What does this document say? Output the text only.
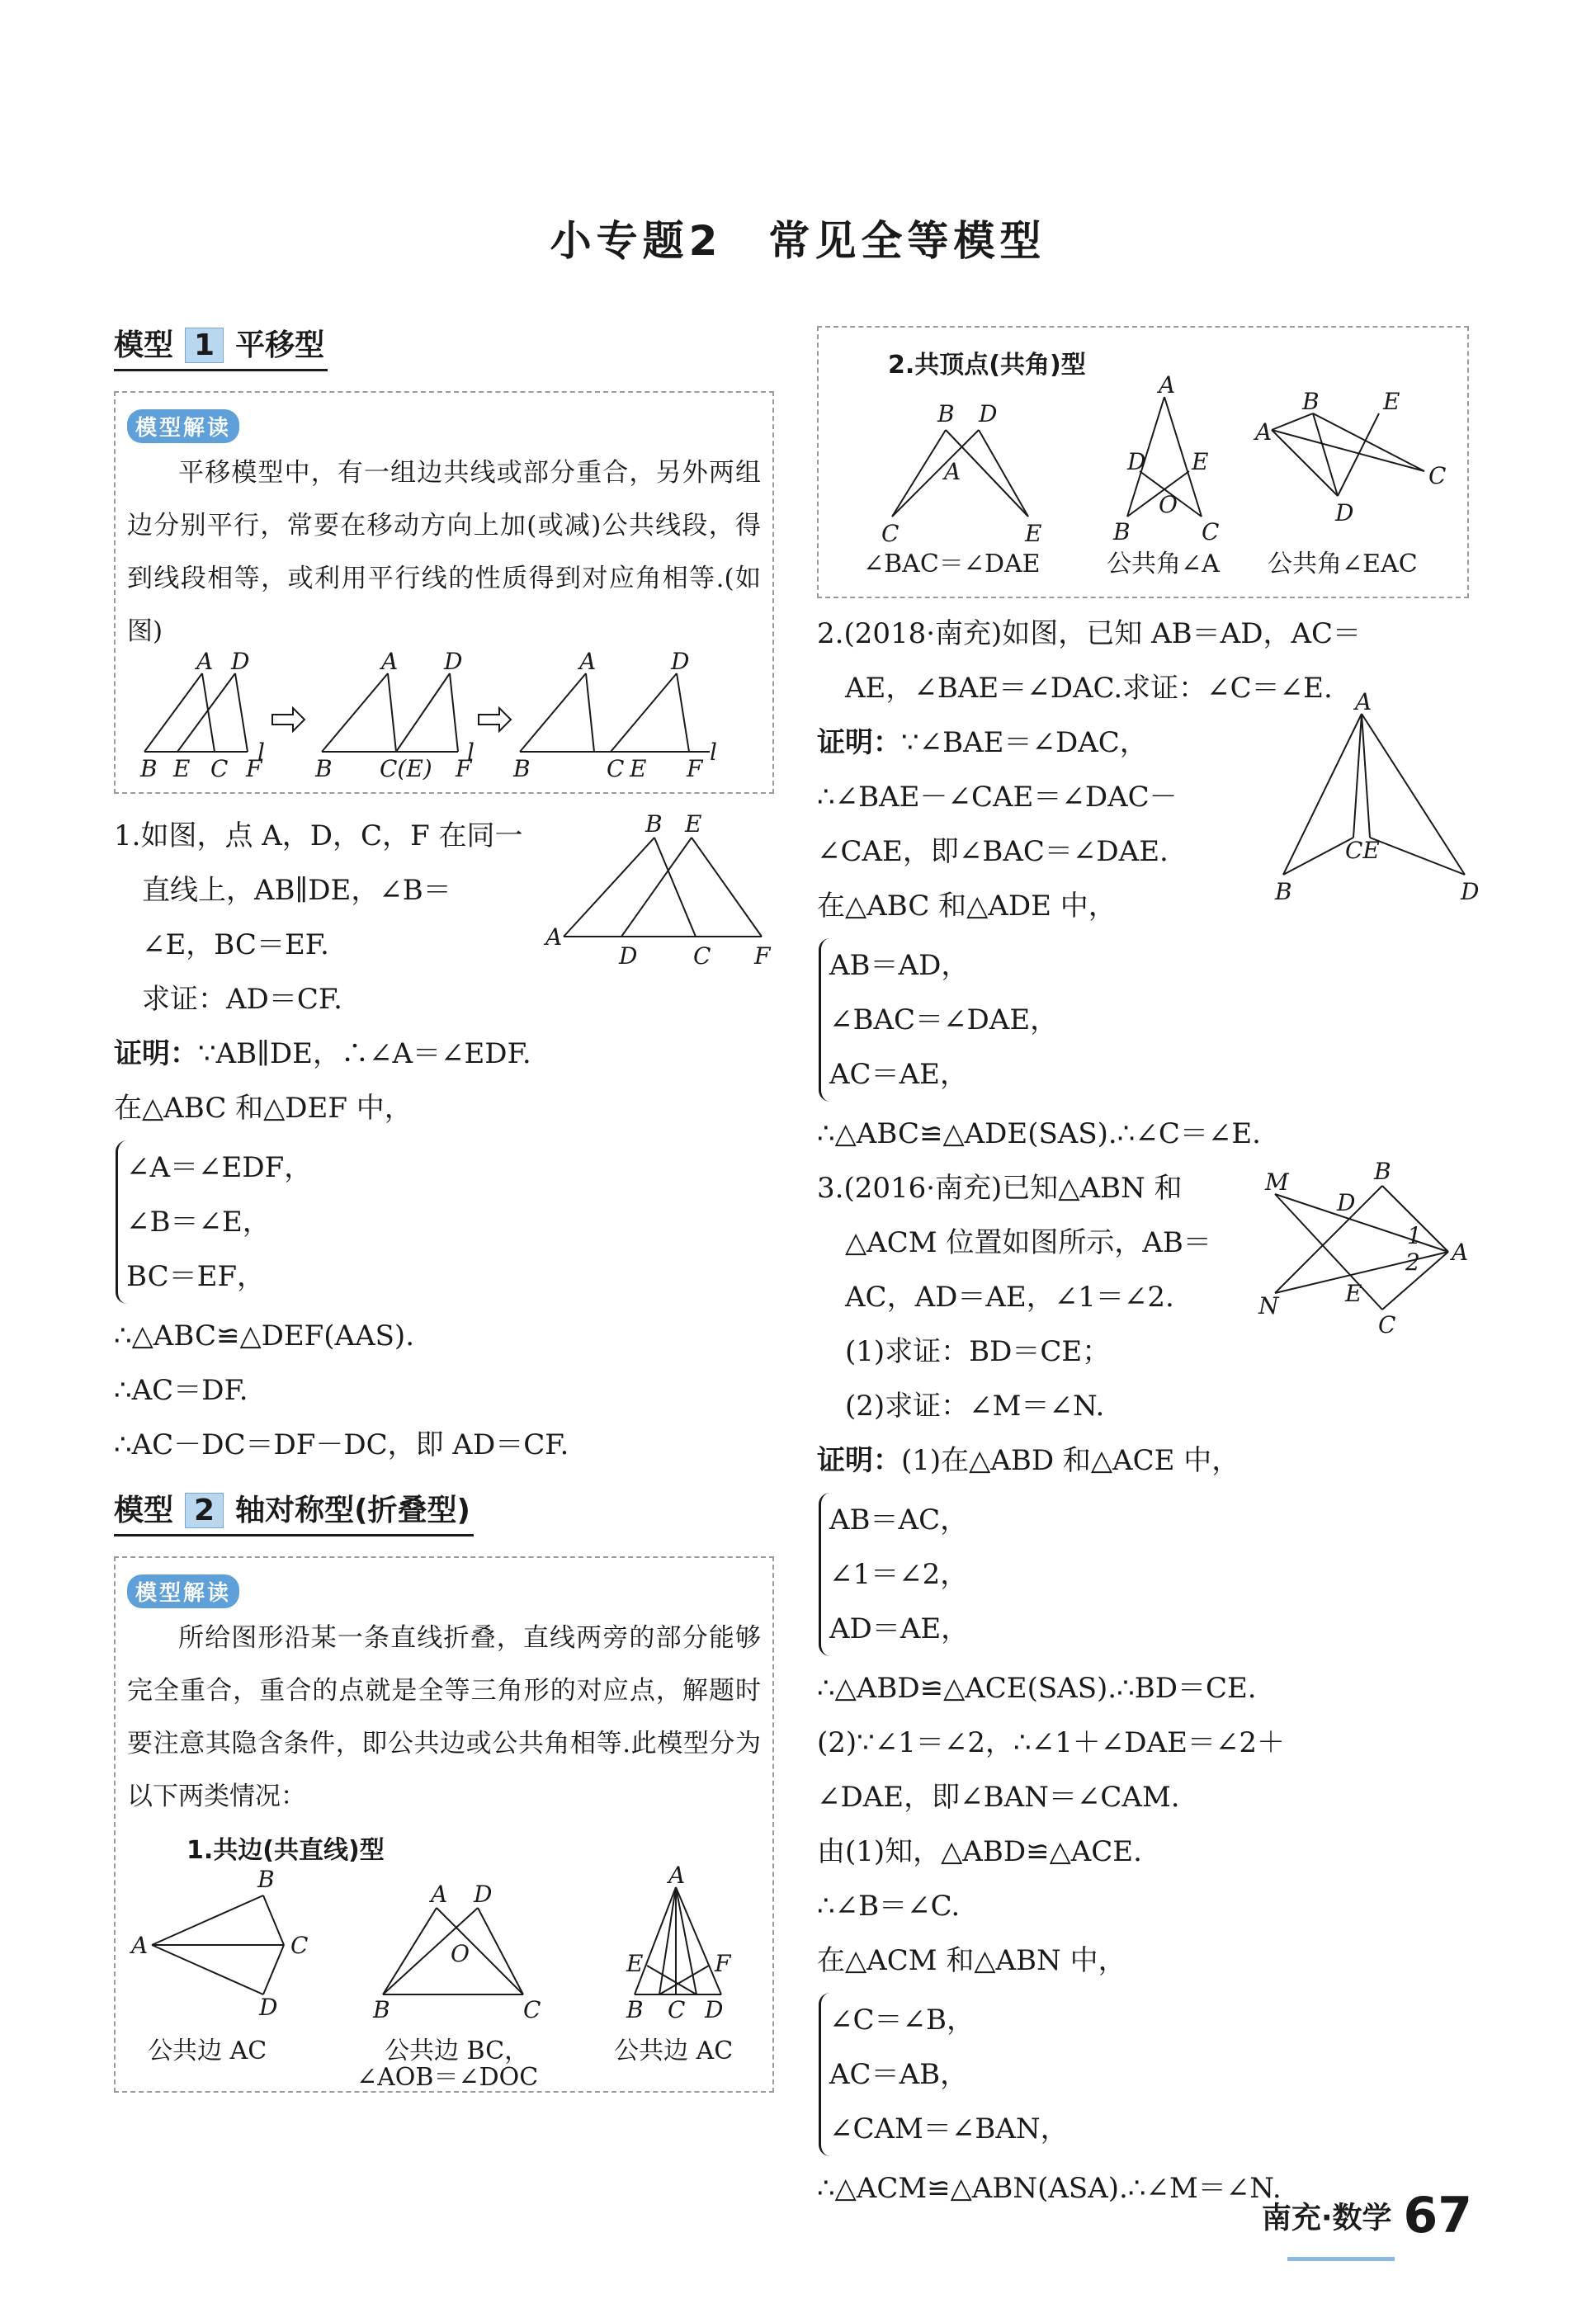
小专题2　常见全等模型
模型 1 平移型
模型解读

平移模型中，有一组边共线或部分重合，另外两组边分别平行，常要在移动方向上加(或减)公共线段，得到线段相等，或利用平行线的性质得到对应角相等.(如图)

A D
B E C F
l
A D
B C(E) F
l
A	D
B	C E F
l
1.如图，点 A，D，C，F 在同一
直线上，AB∥DE，∠B＝
∠E，BC＝EF.
求证：AD＝CF.
A
B E
D C F
证明：∵AB∥DE，∴∠A＝∠EDF.
在△ABC 和△DEF 中，
∠A＝∠EDF，
∠B＝∠E，
BC＝EF，
∴△ABC≌△DEF(AAS).
∴AC＝DF.
∴AC－DC＝DF－DC，即 AD＝CF.
模型 2 轴对称型(折叠型)
模型解读

所给图形沿某一条直线折叠，直线两旁的部分能够完全重合，重合的点就是全等三角形的对应点，解题时要注意其隐含条件，即公共边或公共角相等.此模型分为以下两类情况：

1.共边(共直线)型
A
B
C
D
A D
O
B	C
A
E	F
B C D
公共边 AC	公共边 BC，
∠AOB＝∠DOC
公共边 AC
2.共顶点(共角)型
B D
A
C	E
A
D E
O
B	C
B	E
A
C
D
∠BAC＝∠DAE	公共角∠A 公共角∠EAC
2.(2018·南充)如图，已知 AB＝AD，AC＝
AE，∠BAE＝∠DAC.求证：∠C＝∠E. A
CE
B	D
证明：∵∠BAE＝∠DAC，
∴∠BAE－∠CAE＝∠DAC－
∠CAE，即∠BAC＝∠DAE.
在△ABC 和△ADE 中，
AB＝AD，
∠BAC＝∠DAE，
AC＝AE，
∴△ABC≌△ADE(SAS).∴∠C＝∠E.
3.(2016·南充)已知△ABN 和
△ACM 位置如图所示，AB＝
AC，AD＝AE，∠1＝∠2.
(1)求证：BD＝CE；
(2)求证：∠M＝∠N.
B
M
D
1
2 A
E
N
C
证明：(1)在△ABD 和△ACE 中，
AB＝AC，
∠1＝∠2，
AD＝AE，
∴△ABD≌△ACE(SAS).∴BD＝CE.
(2)∵∠1＝∠2，∴∠1＋∠DAE＝∠2＋
∠DAE，即∠BAN＝∠CAM.
由(1)知，△ABD≌△ACE.
∴∠B＝∠C.
在△ACM 和△ABN 中，
∠C＝∠B，
AC＝AB，
∠CAM＝∠BAN，
∴△ACM≌△ABN(ASA).∴∠M＝∠N.
南充·数学 67
